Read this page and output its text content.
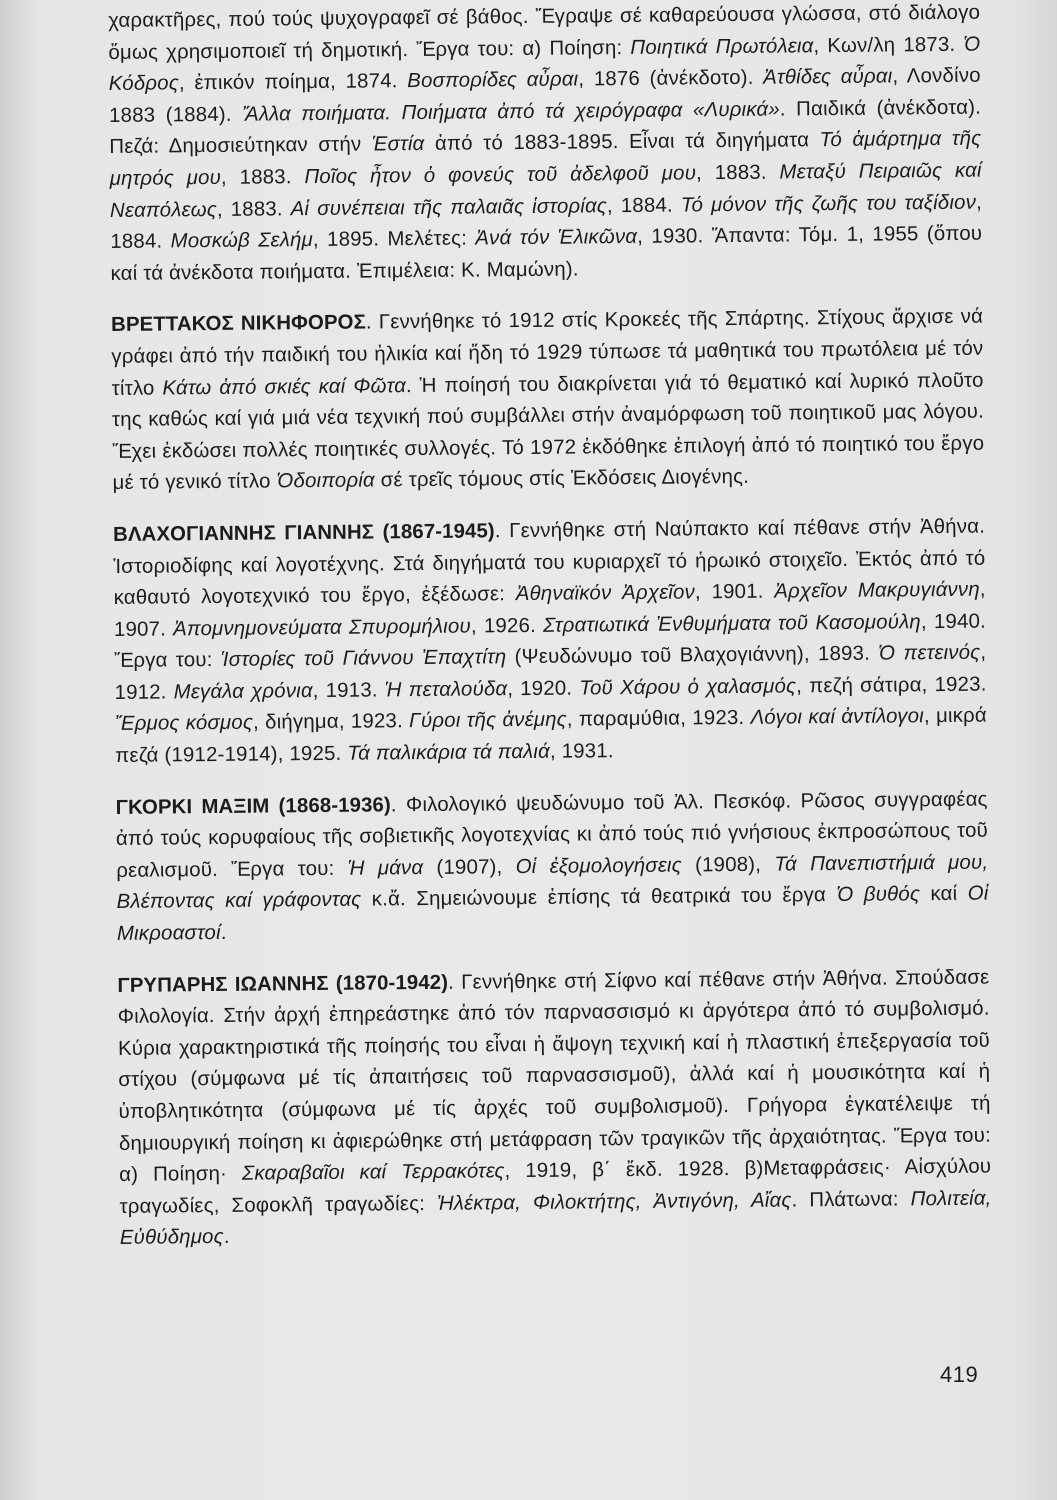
χαρακτῆρες, πού τούς ψυχογραφεῖ σέ βάθος. Ἔγραψε σέ καθαρεύουσα γλώσσα, στό διάλογο ὅμως χρησιμοποιεῖ τή δημοτική. Ἔργα του: α) Ποίηση: Ποιητικά Πρωτόλεια, Κων/λη 1873. Ὁ Κόδρος, ἐπικόν ποίημα, 1874. Βοσπορίδες αὖραι, 1876 (ἀνέκδοτο). Ἀτθίδες αὖραι, Λονδίνο 1883 (1884). Ἄλλα ποιήματα. Ποιήματα ἀπό τά χειρόγραφα «Λυρικά». Παιδικά (ἀνέκδοτα). Πεζά: Δημοσιεύτηκαν στήν Ἑστία ἀπό τό 1883-1895. Εἶναι τά διηγήματα Τό ἁμάρτημα τῆς μητρός μου, 1883. Ποῖος ἦτον ὁ φονεύς τοῦ ἀδελφοῦ μου, 1883. Μεταξύ Πειραιῶς καί Νεαπόλεως, 1883. Αἱ συνέπειαι τῆς παλαιᾶς ἱστορίας, 1884. Τό μόνον τῆς ζωῆς του ταξίδιον, 1884. Μοσκώβ Σελήμ, 1895. Μελέτες: Ἀνά τόν Ἑλικῶνα, 1930. Ἅπαντα: Τόμ. 1, 1955 (ὅπου καί τά ἀνέκδοτα ποιήματα. Ἐπιμέλεια: Κ. Μαμώνη).

ΒΡΕΤΤΑΚΟΣ ΝΙΚΗΦΟΡΟΣ. Γεννήθηκε τό 1912 στίς Κροκεές τῆς Σπάρτης. Στίχους ἄρχισε νά γράφει ἀπό τήν παιδική του ἡλικία καί ἤδη τό 1929 τύπωσε τά μαθητικά του πρωτόλεια μέ τόν τίτλο Κάτω ἀπό σκιές καί Φῶτα. Ἡ ποίησή του διακρίνεται γιά τό θεματικό καί λυρικό πλοῦτο της καθώς καί γιά μιά νέα τεχνική πού συμβάλλει στήν ἀναμόρφωση τοῦ ποιητικοῦ μας λόγου. Ἔχει ἐκδώσει πολλές ποιητικές συλλογές. Τό 1972 ἐκδόθηκε ἐπιλογή ἀπό τό ποιητικό του ἔργο μέ τό γενικό τίτλο Ὁδοιπορία σέ τρεῖς τόμους στίς Ἐκδόσεις Διογένης.

ΒΛΑΧΟΓΙΑΝΝΗΣ ΓΙΑΝΝΗΣ (1867-1945). Γεννήθηκε στή Ναύπακτο καί πέθανε στήν Ἀθήνα. Ἱστοριοδίφης καί λογοτέχνης. Στά διηγήματά του κυριαρχεῖ τό ἡρωικό στοιχεῖο. Ἐκτός ἀπό τό καθαυτό λογοτεχνικό του ἔργο, ἐξέδωσε: Ἀθηναϊκόν Ἀρχεῖον, 1901. Ἀρχεῖον Μακρυγιάννη, 1907. Ἀπομνημονεύματα Σπυρομήλιου, 1926. Στρατιωτικά Ἐνθυμήματα τοῦ Κασομούλη, 1940. Ἔργα του: Ἱστορίες τοῦ Γιάννου Ἐπαχτίτη (Ψευδώνυμο τοῦ Βλαχογιάννη), 1893. Ὁ πετεινός, 1912. Μεγάλα χρόνια, 1913. Ἡ πεταλούδα, 1920. Τοῦ Χάρου ὁ χαλασμός, πεζή σάτιρα, 1923. Ἔρμος κόσμος, διήγημα, 1923. Γύροι τῆς ἀνέμης, παραμύθια, 1923. Λόγοι καί ἀντίλογοι, μικρά πεζά (1912-1914), 1925. Τά παλικάρια τά παλιά, 1931.

ΓΚΟΡΚΙ ΜΑΞΙΜ (1868-1936). Φιλολογικό ψευδώνυμο τοῦ Ἀλ. Πεσκόφ. Ρῶσος συγγραφέας ἀπό τούς κορυφαίους τῆς σοβιετικῆς λογοτεχνίας κι ἀπό τούς πιό γνήσιους ἐκπροσώπους τοῦ ρεαλισμοῦ. Ἔργα του: Ἡ μάνα (1907), Οἱ ἐξομολογήσεις (1908), Τά Πανεπιστήμιά μου, Βλέποντας καί γράφοντας κ.ἄ. Σημειώνουμε ἐπίσης τά θεατρικά του ἔργα Ὁ βυθός καί Οἱ Μικροαστοί.

ΓΡΥΠΑΡΗΣ ΙΩΑΝΝΗΣ (1870-1942). Γεννήθηκε στή Σίφνο καί πέθανε στήν Ἀθήνα. Σπούδασε Φιλολογία. Στήν ἀρχή ἐπηρεάστηκε ἀπό τόν παρνασσισμό κι ἀργότερα ἀπό τό συμβολισμό. Κύρια χαρακτηριστικά τῆς ποίησής του εἶναι ἡ ἄψογη τεχνική καί ἡ πλαστική ἐπεξεργασία τοῦ στίχου (σύμφωνα μέ τίς ἀπαιτήσεις τοῦ παρνασσισμοῦ), ἀλλά καί ἡ μουσικότητα καί ἡ ὑποβλητικότητα (σύμφωνα μέ τίς ἀρχές τοῦ συμβολισμοῦ). Γρήγορα ἐγκατέλειψε τή δημιουργική ποίηση κι ἀφιερώθηκε στή μετάφραση τῶν τραγικῶν τῆς ἀρχαιότητας. Ἔργα του: α) Ποίηση· Σκαραβαῖοι καί Τερρακότες, 1919, β΄ ἔκδ. 1928. β)Μεταφράσεις· Αἰσχύλου τραγωδίες, Σοφοκλῆ τραγωδίες: Ἠλέκτρα, Φιλοκτήτης, Ἀντιγόνη, Αἴας. Πλάτωνα: Πολιτεία, Εὐθύδημος.

419
